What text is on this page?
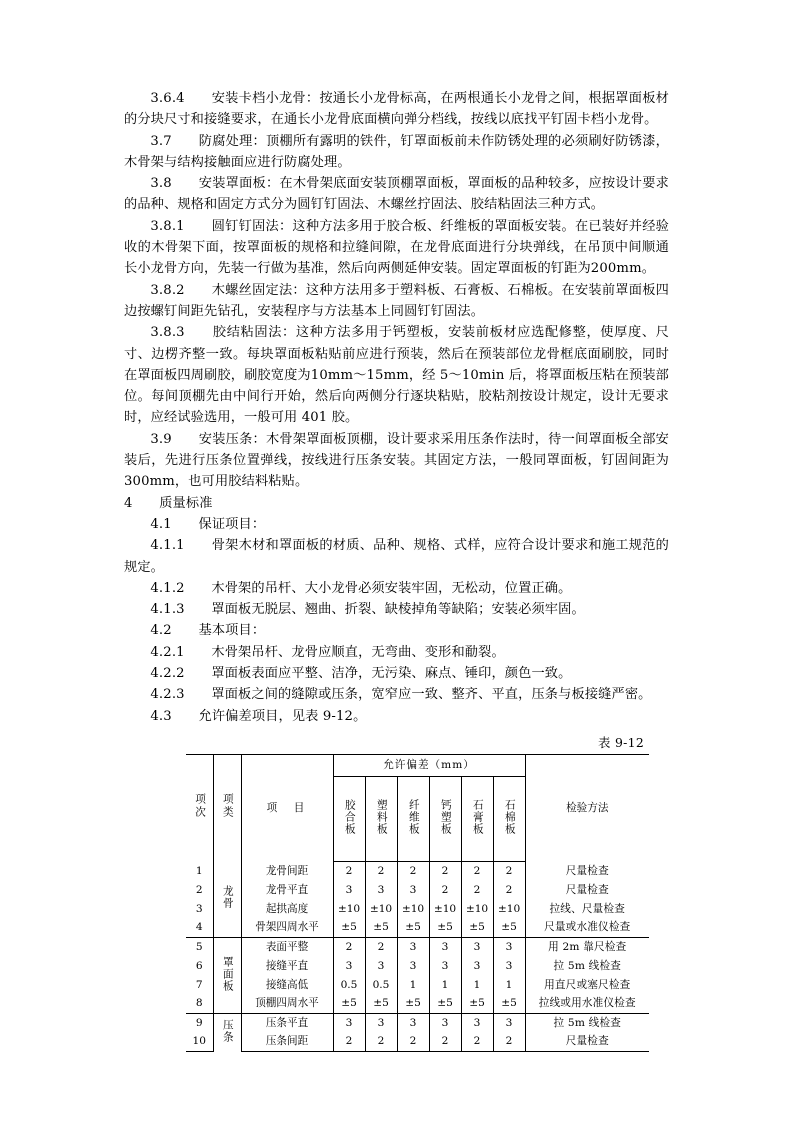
3.6.4　　安装卡档小龙骨：按通长小龙骨标高，在两根通长小龙骨之间，根据罩面板材的分块尺寸和接缝要求，在通长小龙骨底面横向弹分档线，按线以底找平钉固卡档小龙骨。

3.7　　防腐处理：顶棚所有露明的铁件，钉罩面板前未作防锈处理的必须刷好防锈漆，木骨架与结构接触面应进行防腐处理。

3.8　　安装罩面板：在木骨架底面安装顶棚罩面板，罩面板的品种较多，应按设计要求的品种、规格和固定方式分为圆钉钉固法、木螺丝拧固法、胶结粘固法三种方式。

3.8.1　　圆钉钉固法：这种方法多用于胶合板、纤维板的罩面板安装。在已装好并经验收的木骨架下面，按罩面板的规格和拉缝间隙，在龙骨底面进行分块弹线，在吊顶中间顺通长小龙骨方向，先装一行做为基准，然后向两侧延伸安装。固定罩面板的钉距为200mm。

3.8.2　　木螺丝固定法：这种方法用多于塑料板、石膏板、石棉板。在安装前罩面板四边按螺钉间距先钻孔，安装程序与方法基本上同圆钉钉固法。

3.8.3　　胶结粘固法：这种方法多用于钙塑板，安装前板材应选配修整，使厚度、尺寸、边楞齐整一致。每块罩面板粘贴前应进行预装，然后在预装部位龙骨框底面刷胶，同时在罩面板四周刷胶，刷胶宽度为10mm～15mm，经 5～10min 后，将罩面板压粘在预装部位。每间顶棚先由中间行开始，然后向两侧分行逐块粘贴，胶粘剂按设计规定，设计无要求时，应经试验选用，一般可用 401 胶。

3.9　　安装压条：木骨架罩面板顶棚，设计要求采用压条作法时，待一间罩面板全部安装后，先进行压条位置弹线，按线进行压条安装。其固定方法，一般同罩面板，钉固间距为300mm，也可用胶结料粘贴。

4　　质量标准

4.1　　保证项目：

4.1.1　　骨架木材和罩面板的材质、品种、规格、式样，应符合设计要求和施工规范的规定。

4.1.2　　木骨架的吊杆、大小龙骨必须安装牢固，无松动，位置正确。

4.1.3　　罩面板无脱层、翘曲、折裂、缺棱掉角等缺陷；安装必须牢固。

4.2　　基本项目：

4.2.1　　木骨架吊杆、龙骨应顺直，无弯曲、变形和勈裂。

4.2.2　　罩面板表面应平整、洁净，无污染、麻点、锤印，颜色一致。

4.2.3　　罩面板之间的缝隙或压条，宽窄应一致、整齐、平直，压条与板接缝严密。

4.3　　允许偏差项目，见表 9-12。

表 9-12
项次	项类	项　目	允许偏差（mm）						检验方法
			胶合板	塑料板	纤维板	钙塑板	石膏板	石棉板	
1	龙骨	龙骨间距	2	2	2	2	2	2	尺量检查
2		龙骨平直	3	3	3	2	2	2	尺量检查
3		起拱高度	±10	±10	±10	±10	±10	±10	拉线、尺量检查
4		骨架四周水平	±5	±5	±5	±5	±5	±5	尺量或水准仪检查
5	罩面板	表面平整	2	2	3	3	3	3	用 2m 靠尺检查
6		接缝平直	3	3	3	3	3	3	拉 5m 线检查
7		接缝高低	0.5	0.5	1	1	1	1	用直尺或塞尺检查
8		顶棚四周水平	±5	±5	±5	±5	±5	±5	拉线或用水准仪检查
9	压条	压条平直	3	3	3	3	3	3	拉 5m 线检查
10		压条间距	2	2	2	2	2	2	尺量检查
